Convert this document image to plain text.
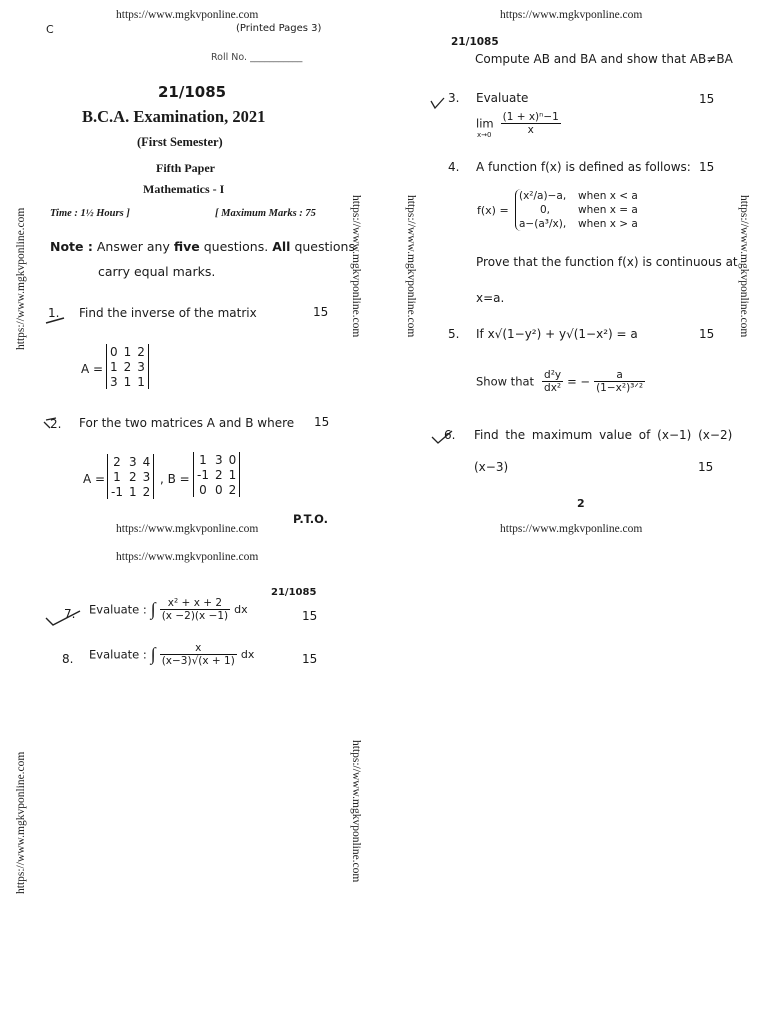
https://www.mgkvponline.com
C	(Printed Pages 3)
Roll No. ___________
21/1085
B.C.A. Examination, 2021
(First Semester)
Fifth Paper
Mathematics - I
Time : 1½ Hours ]	[ Maximum Marks : 75
Note : Answer any five questions. All questions
carry equal marks.
1. Find the inverse of the matrix	15
A =
0	1	2
1	2	3
3	1	1
2. For the two matrices A and B where 15
A =
2	3	4
1	2	3
-1	1	2
, B =
1	3	0
-1	2	1
0	0	2
P.T.O.
https://www.mgkvponline.com
https://www.mgkvponline.com	https://www.mgkvponline.com
https://www.mgkvponline.com
21/1085
Compute AB and BA and show that AB≠BA
3. Evaluate	15
$\lim \frac{\text{(1 + x)ⁿ−1}}{x}$
x→0
4. A function f(x) is defined as follows: 15
f(x) =
(x²/a)−a, when x < a
0,	when x = a
a−(a³/x), when x > a
Prove that the function f(x) is continuous at
x=a.
5. If x√(1−y²) + y√(1−x²) = a	15
Show that $\frac{\text{d²y}}{\text{dx²}}$ = − $\frac{a}{\text{(1−x²)³ᐟ²}}$
6. Find the maximum value of (x−1) (x−2)
(x−3)	15
2
https://www.mgkvponline.com
https://www.mgkvponline.com	https://www.mgkvponline.com
https://www.mgkvponline.com
21/1085
7. Evaluate : ∫ $\frac{\text{x² + x + 2}}{(x -2)(x -1)}$ dx	15
8. Evaluate : ∫ $\frac{x}{(x-3)√(x + 1)}$ dx	15
https://www.mgkvponline.com	https://www.mgkvponline.com
